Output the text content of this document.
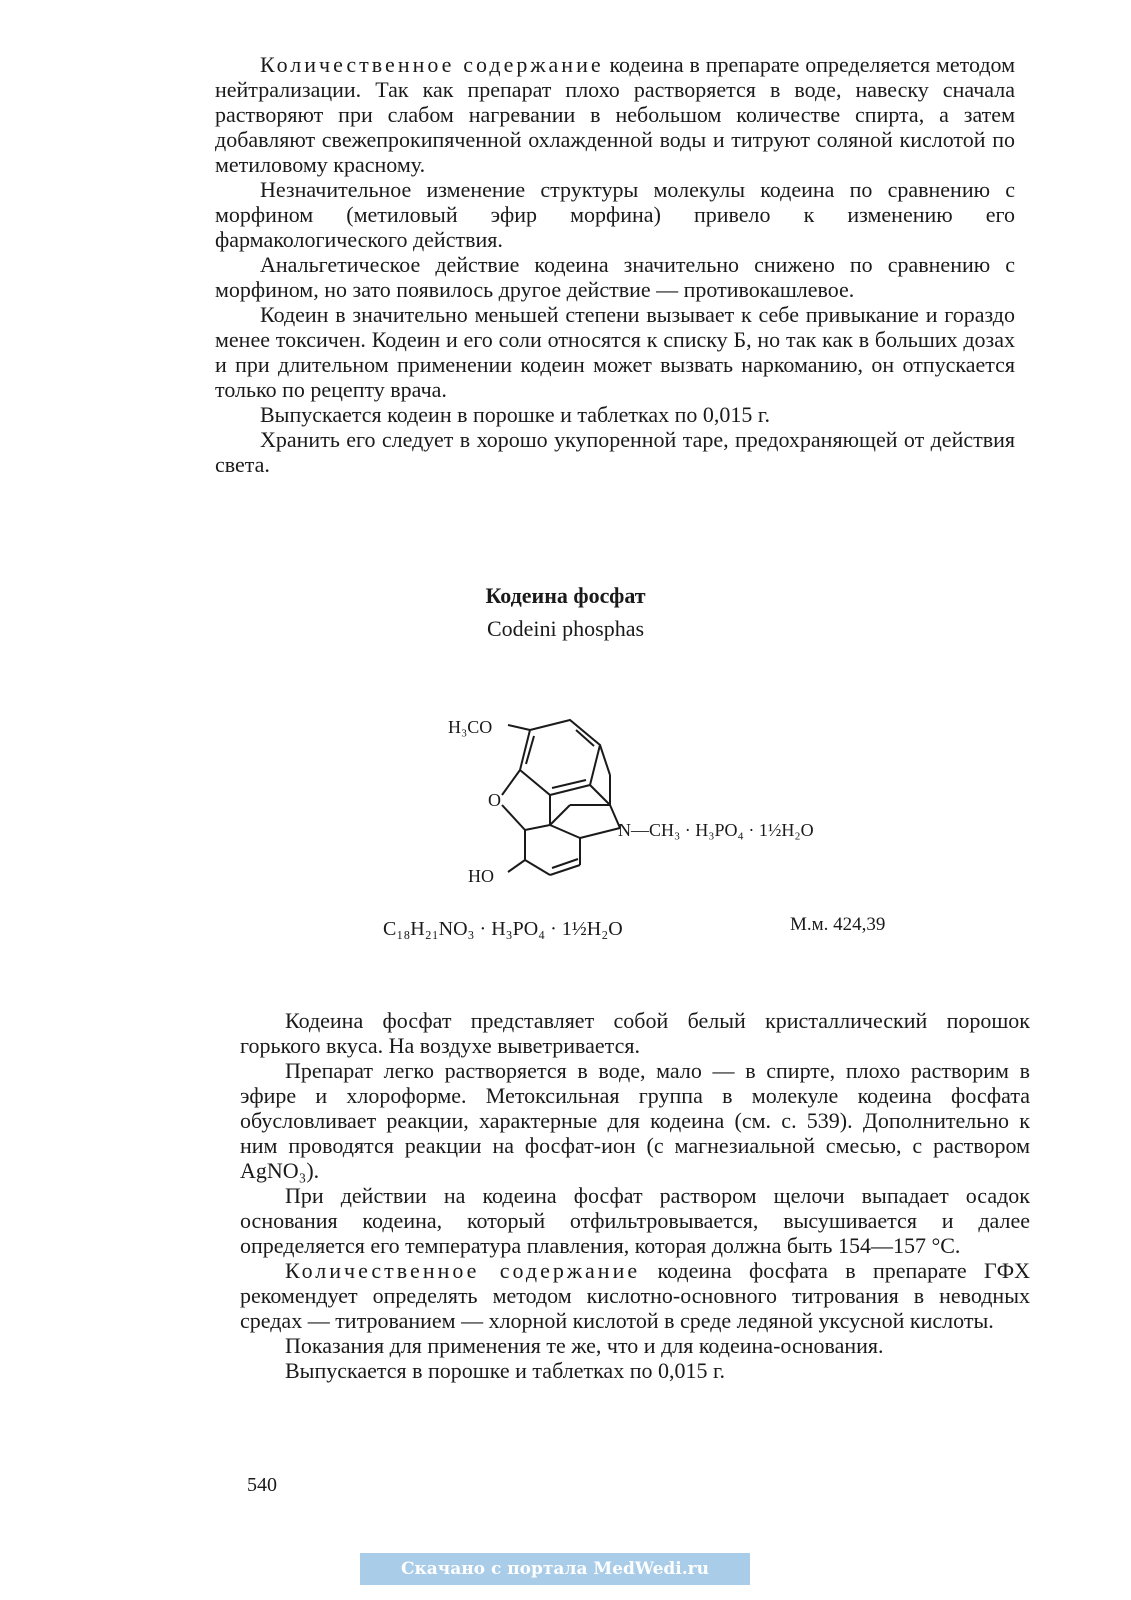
Количественное содержание кодеина в препарате определяется методом нейтрализации. Так как препарат плохо растворяется в воде, навеску сначала растворяют при слабом нагревании в небольшом количестве спирта, а затем добавляют свежепрокипяченной охлажденной воды и титруют соляной кислотой по метиловому красному.

Незначительное изменение структуры молекулы кодеина по сравнению с морфином (метиловый эфир морфина) привело к изменению его фармакологического действия.

Анальгетическое действие кодеина значительно снижено по сравнению с морфином, но зато появилось другое действие — противокашлевое.

Кодеин в значительно меньшей степени вызывает к себе привыкание и гораздо менее токсичен. Кодеин и его соли относятся к списку Б, но так как в больших дозах и при длительном применении кодеин может вызвать наркоманию, он отпускается только по рецепту врача.

Выпускается кодеин в порошке и таблетках по 0,015 г.

Хранить его следует в хорошо укупоренной таре, предохраняющей от действия света.

Кодеина фосфат
Codeini phosphas
H₃CO
O
HO
N—CH₃ · H₃PO₄ · 1½H₂O
C₁₈H₂₁NO₃ · H₃PO₄ · 1½H₂O	М.м. 424,39

Кодеина фосфат представляет собой белый кристаллический порошок горького вкуса. На воздухе выветривается.

Препарат легко растворяется в воде, мало — в спирте, плохо растворим в эфире и хлороформе. Метоксильная группа в молекуле кодеина фосфата обусловливает реакции, характерные для кодеина (см. с. 539). Дополнительно к ним проводятся реакции на фосфат-ион (с магнезиальной смесью, с раствором AgNO₃).

При действии на кодеина фосфат раствором щелочи выпадает осадок основания кодеина, который отфильтровывается, высушивается и далее определяется его температура плавления, которая должна быть 154—157 °С.

Количественное содержание кодеина фосфата в препарате ГФХ рекомендует определять методом кислотно-основного титрования в неводных средах — титрованием — хлорной кислотой в среде ледяной уксусной кислоты.

Показания для применения те же, что и для кодеина-основания.

Выпускается в порошке и таблетках по 0,015 г.

540
Скачано с портала MedWedi.ru
